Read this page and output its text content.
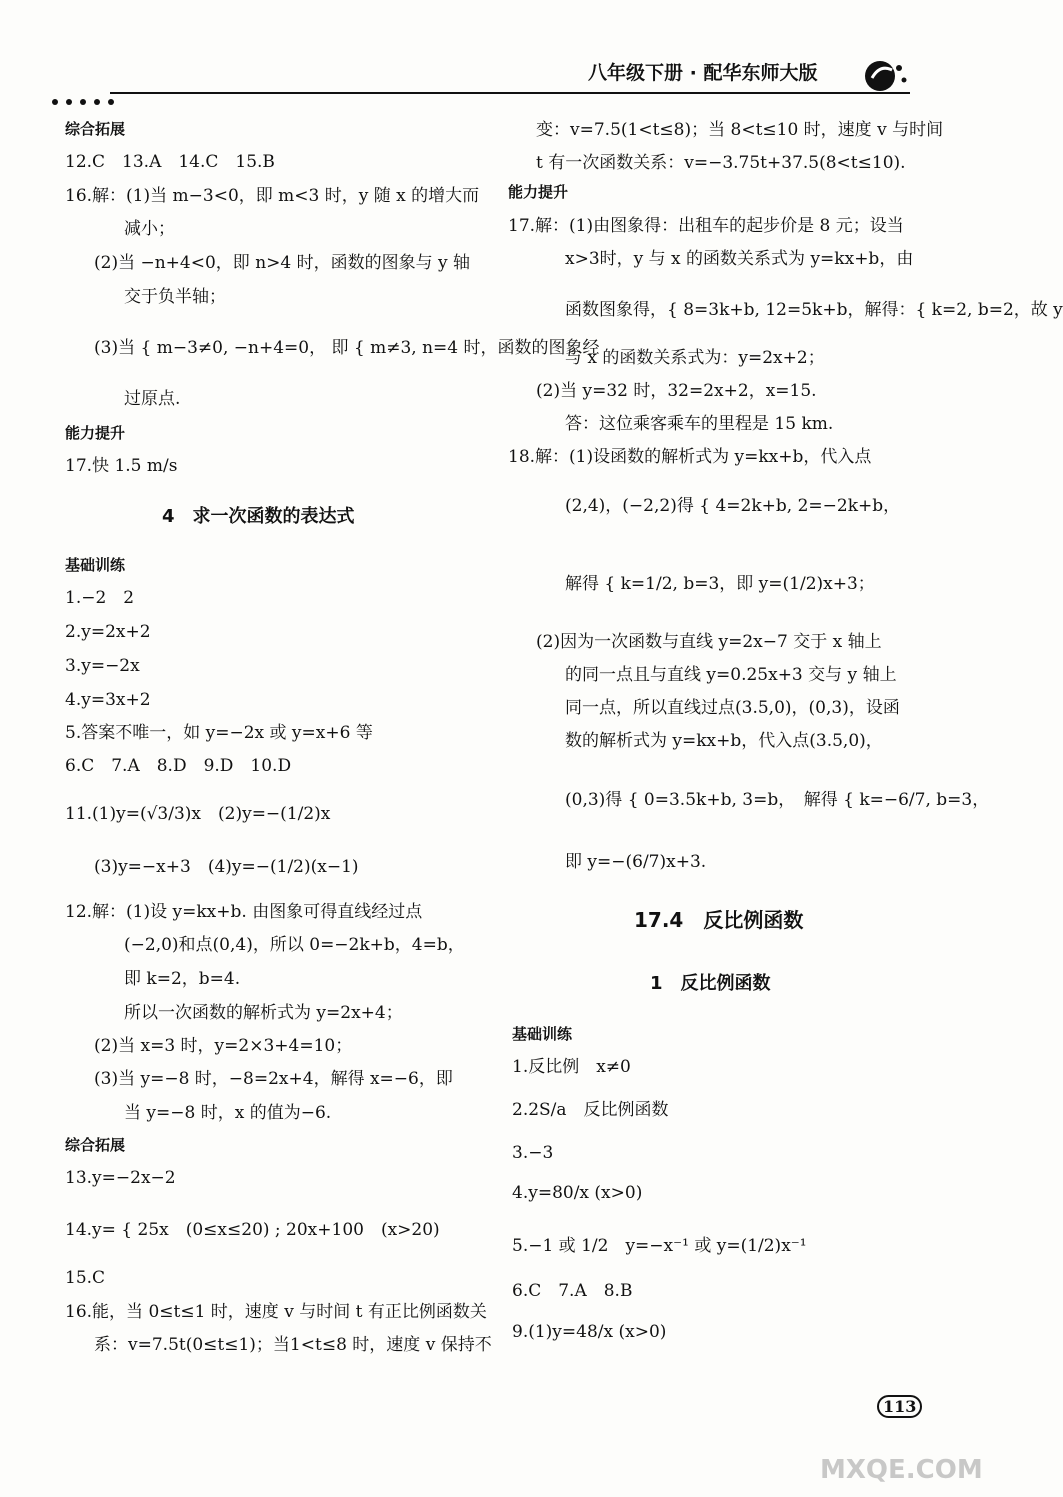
八年级下册 · 配华东师大版
113
MXQE.COM
综合拓展
12.C　13.A　14.C　15.B
16.解：(1)当 m−3<0，即 m<3 时，y 随 x 的增大而
减小；
(2)当 −n+4<0，即 n>4 时，函数的图象与 y 轴
交于负半轴；
(3)当 { m−3≠0, −n+4=0， 即 { m≠3, n=4 时，函数的图象经
过原点.
能力提升
17.快 1.5 m/s
4　求一次函数的表达式
基础训练
1.−2　2
2.y=2x+2
3.y=−2x
4.y=3x+2
5.答案不唯一，如 y=−2x 或 y=x+6 等
6.C　7.A　8.D　9.D　10.D
11.(1)y=(√3/3)x　(2)y=−(1/2)x
(3)y=−x+3　(4)y=−(1/2)(x−1)
12.解：(1)设 y=kx+b. 由图象可得直线经过点
(−2,0)和点(0,4)，所以 0=−2k+b，4=b，
即 k=2，b=4.
所以一次函数的解析式为 y=2x+4；
(2)当 x=3 时，y=2×3+4=10；
(3)当 y=−8 时，−8=2x+4，解得 x=−6，即
当 y=−8 时，x 的值为−6.
综合拓展
13.y=−2x−2
14.y= { 25x　(0≤x≤20) ; 20x+100　(x>20)
15.C
16.能，当 0≤t≤1 时，速度 v 与时间 t 有正比例函数关
系：v=7.5t(0≤t≤1)；当1<t≤8 时，速度 v 保持不
变：v=7.5(1<t≤8)；当 8<t≤10 时，速度 v 与时间
t 有一次函数关系：v=−3.75t+37.5(8<t≤10).
能力提升
17.解：(1)由图象得：出租车的起步价是 8 元；设当
x>3时，y 与 x 的函数关系式为 y=kx+b，由
函数图象得，{ 8=3k+b, 12=5k+b，解得：{ k=2, b=2，故 y
与 x 的函数关系式为：y=2x+2；
(2)当 y=32 时，32=2x+2，x=15.
答：这位乘客乘车的里程是 15 km.
18.解：(1)设函数的解析式为 y=kx+b，代入点
(2,4)，(−2,2)得 { 4=2k+b, 2=−2k+b，
解得 { k=1/2, b=3，即 y=(1/2)x+3；
(2)因为一次函数与直线 y=2x−7 交于 x 轴上
的同一点且与直线 y=0.25x+3 交与 y 轴上
同一点，所以直线过点(3.5,0)，(0,3)，设函
数的解析式为 y=kx+b，代入点(3.5,0)，
(0,3)得 { 0=3.5k+b, 3=b，　解得 { k=−6/7, b=3，
即 y=−(6/7)x+3.
17.4　反比例函数
1　反比例函数
基础训练
1.反比例　x≠0
2.2S/a　反比例函数
3.−3
4.y=80/x (x>0)
5.−1 或 1/2　y=−x⁻¹ 或 y=(1/2)x⁻¹
6.C　7.A　8.B
9.(1)y=48/x (x>0)
